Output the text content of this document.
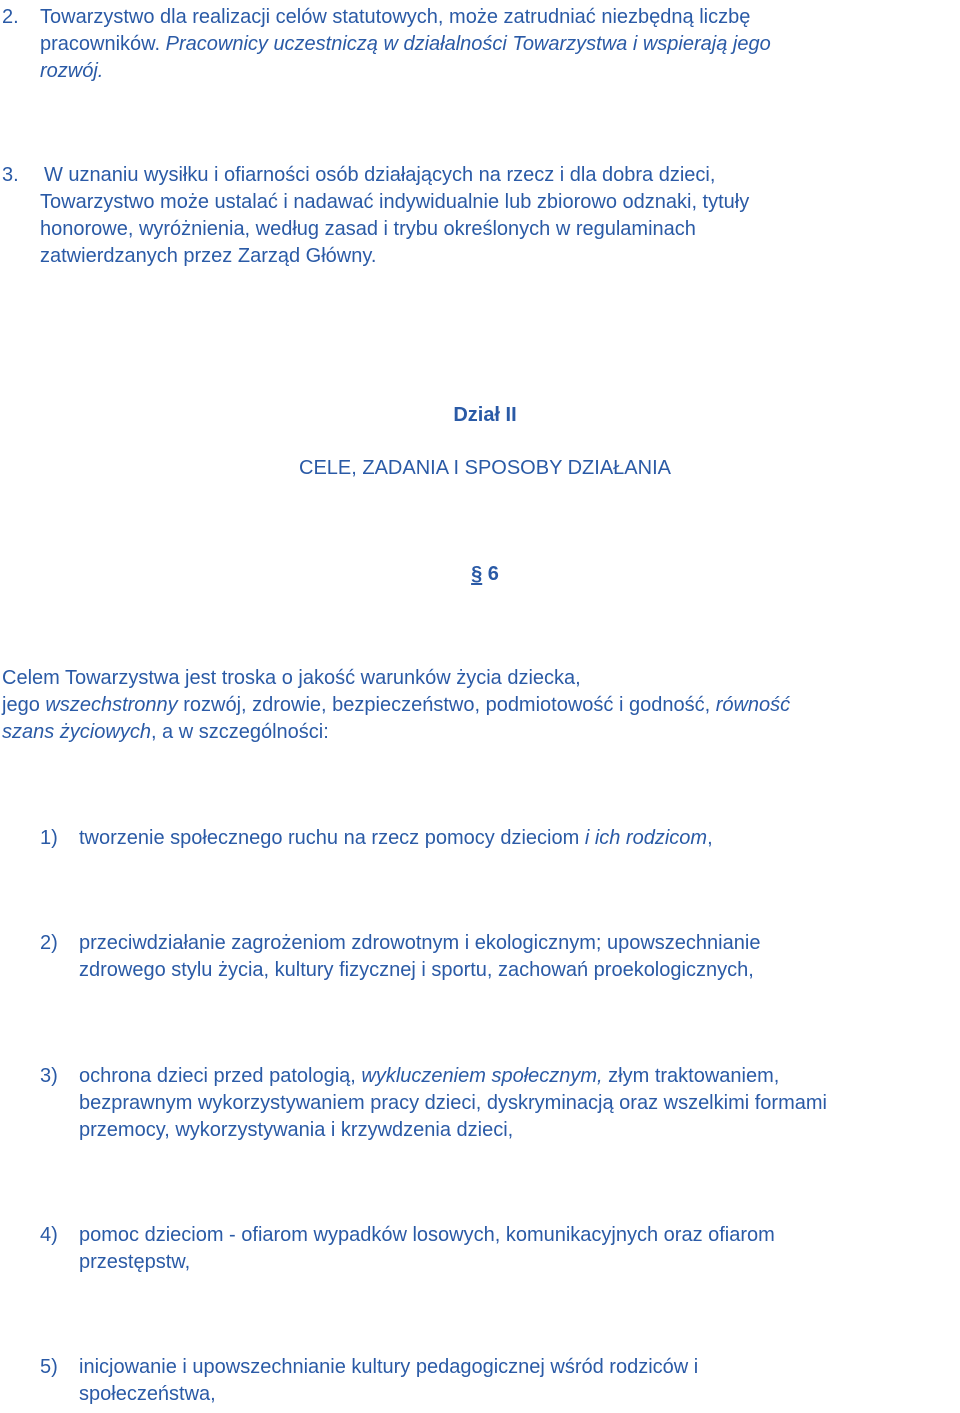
2. Towarzystwo dla realizacji celów statutowych, może zatrudniać niezbędną liczbę
pracowników. Pracownicy uczestniczą w działalności Towarzystwa i wspierają jego
rozwój.
3. W uznaniu wysiłku i ofiarności osób działających na rzecz i dla dobra dzieci,
Towarzystwo może ustalać i nadawać indywidualnie lub zbiorowo odznaki, tytuły
honorowe, wyróżnienia, według zasad i trybu określonych w regulaminach
zatwierdzanych przez Zarząd Główny.
Dział II
CELE, ZADANIA I SPOSOBY DZIAŁANIA
§ 6
Celem Towarzystwa jest troska o jakość warunków życia dziecka,
jego wszechstronny rozwój, zdrowie, bezpieczeństwo, podmiotowość i godność, równość
szans życiowych, a w szczególności:
1) tworzenie społecznego ruchu na rzecz pomocy dzieciom i ich rodzicom,
2) przeciwdziałanie zagrożeniom zdrowotnym i ekologicznym; upowszechnianie
zdrowego stylu życia, kultury fizycznej i sportu, zachowań proekologicznych,
3) ochrona dzieci przed patologią, wykluczeniem społecznym, złym traktowaniem,
bezprawnym wykorzystywaniem pracy dzieci, dyskryminacją oraz wszelkimi formami
przemocy, wykorzystywania i krzywdzenia dzieci,
4) pomoc dzieciom - ofiarom wypadków losowych, komunikacyjnych oraz ofiarom
przestępstw,
5) inicjowanie i upowszechnianie kultury pedagogicznej wśród rodziców i
społeczeństwa,
